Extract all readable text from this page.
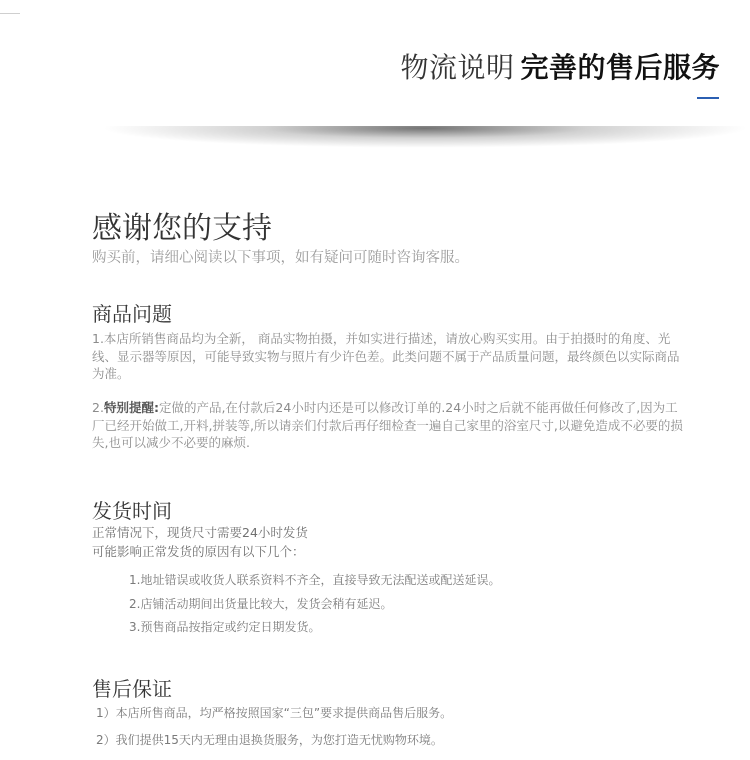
物流说明 完善的售后服务
感谢您的支持
购买前，请细心阅读以下事项，如有疑问可随时咨询客服。
商品问题
1.本店所销售商品均为全新， 商品实物拍摄，并如实进行描述，请放心购买实用。由于拍摄时的角度、光线、显示器等原因，可能导致实物与照片有少许色差。此类问题不属于产品质量问题，最终颜色以实际商品为准。
2.特别提醒:定做的产品,在付款后24小时内还是可以修改订单的.24小时之后就不能再做任何修改了,因为工厂已经开始做工,开料,拼装等,所以请亲们付款后再仔细检查一遍自己家里的浴室尺寸,以避免造成不必要的损失,也可以减少不必要的麻烦.
发货时间
正常情况下，现货尺寸需要24小时发货
可能影响正常发货的原因有以下几个：
1.地址错误或收货人联系资料不齐全，直接导致无法配送或配送延误。
2.店铺活动期间出货量比较大，发货会稍有延迟。
3.预售商品按指定或约定日期发货。
售后保证
1）本店所售商品，均严格按照国家“三包”要求提供商品售后服务。
2）我们提供15天内无理由退换货服务，为您打造无忧购物环境。
